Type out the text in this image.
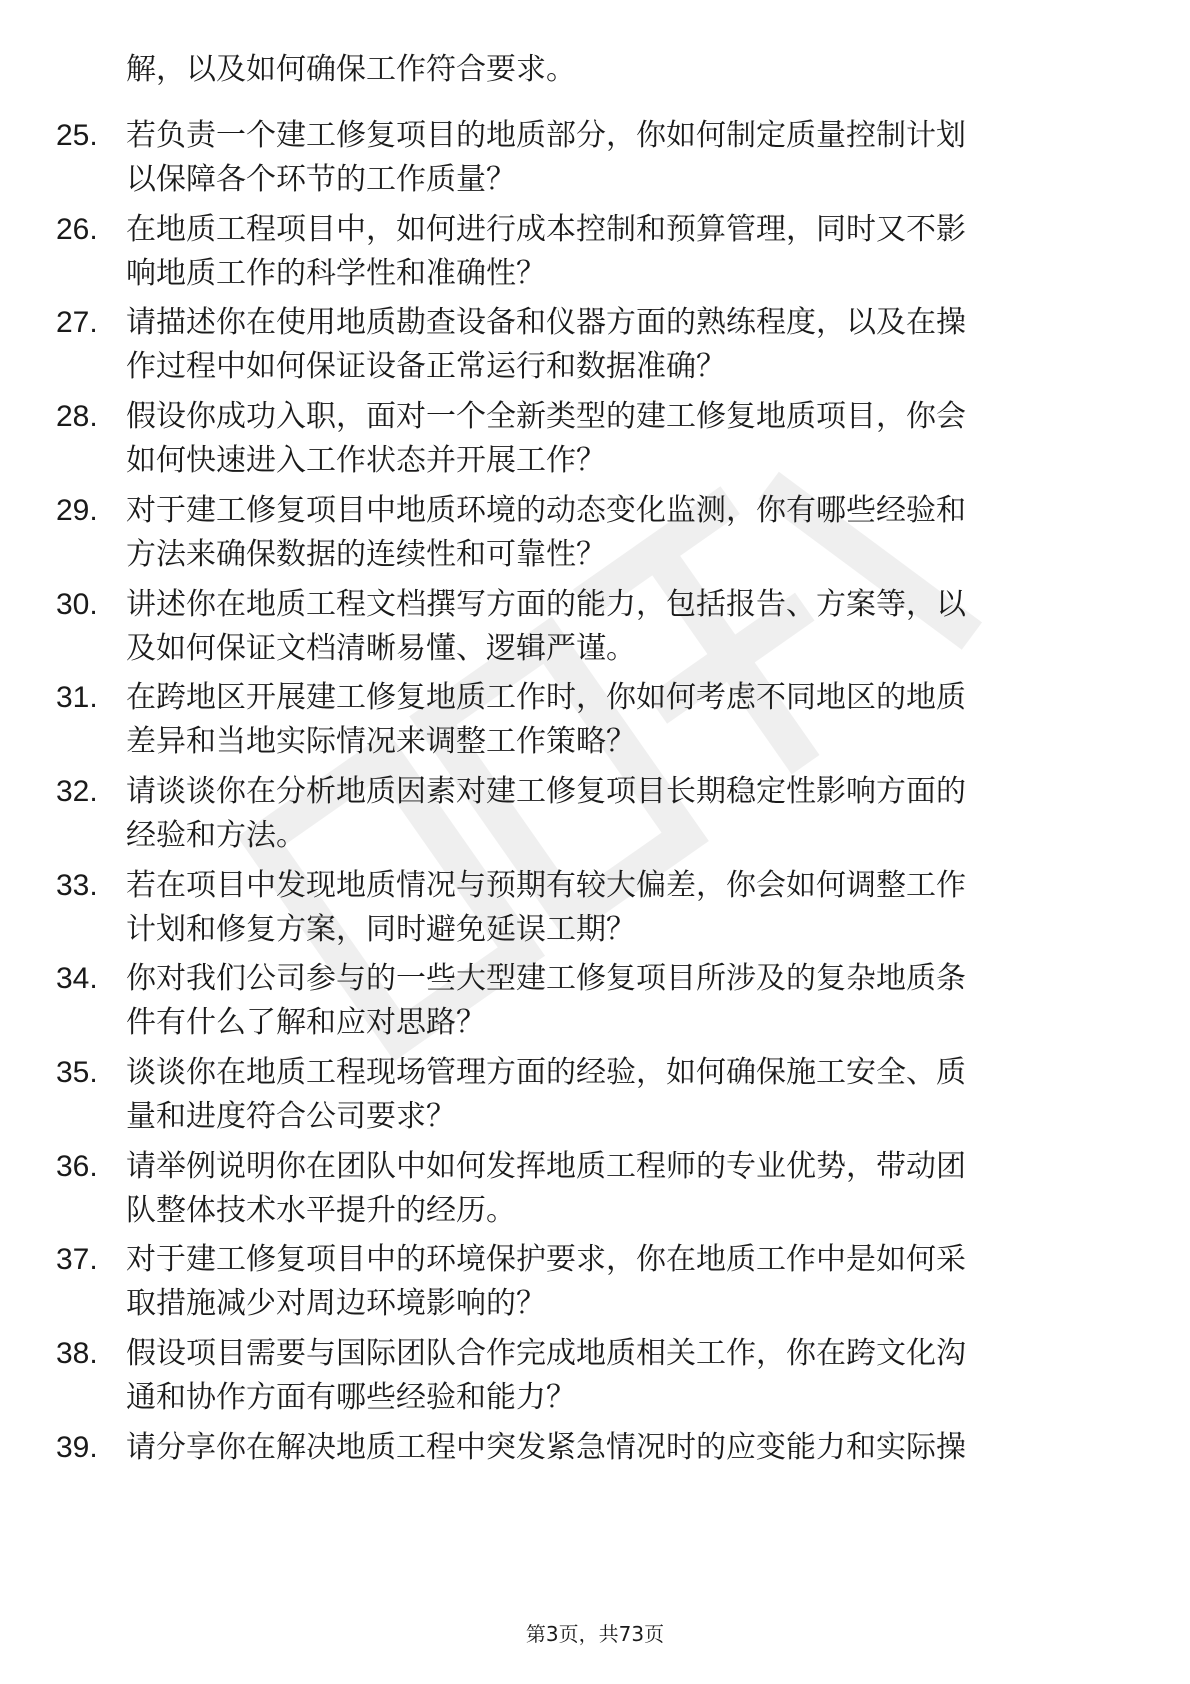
解，以及如何确保工作符合要求。
25. 若负责一个建工修复项目的地质部分，你如何制定质量控制计划
以保障各个环节的工作质量？
26. 在地质工程项目中，如何进行成本控制和预算管理，同时又不影
响地质工作的科学性和准确性？
27. 请描述你在使用地质勘查设备和仪器方面的熟练程度，以及在操
作过程中如何保证设备正常运行和数据准确？
28. 假设你成功入职，面对一个全新类型的建工修复地质项目，你会
如何快速进入工作状态并开展工作？
29. 对于建工修复项目中地质环境的动态变化监测，你有哪些经验和
方法来确保数据的连续性和可靠性？
30. 讲述你在地质工程文档撰写方面的能力，包括报告、方案等，以
及如何保证文档清晰易懂、逻辑严谨。
31. 在跨地区开展建工修复地质工作时，你如何考虑不同地区的地质
差异和当地实际情况来调整工作策略？
32. 请谈谈你在分析地质因素对建工修复项目长期稳定性影响方面的
经验和方法。
33. 若在项目中发现地质情况与预期有较大偏差，你会如何调整工作
计划和修复方案，同时避免延误工期？
34. 你对我们公司参与的一些大型建工修复项目所涉及的复杂地质条
件有什么了解和应对思路？
35. 谈谈你在地质工程现场管理方面的经验，如何确保施工安全、质
量和进度符合公司要求？
36. 请举例说明你在团队中如何发挥地质工程师的专业优势，带动团
队整体技术水平提升的经历。
37. 对于建工修复项目中的环境保护要求，你在地质工作中是如何采
取措施减少对周边环境影响的？
38. 假设项目需要与国际团队合作完成地质相关工作，你在跨文化沟
通和协作方面有哪些经验和能力？
39. 请分享你在解决地质工程中突发紧急情况时的应变能力和实际操
第3页，共73页
